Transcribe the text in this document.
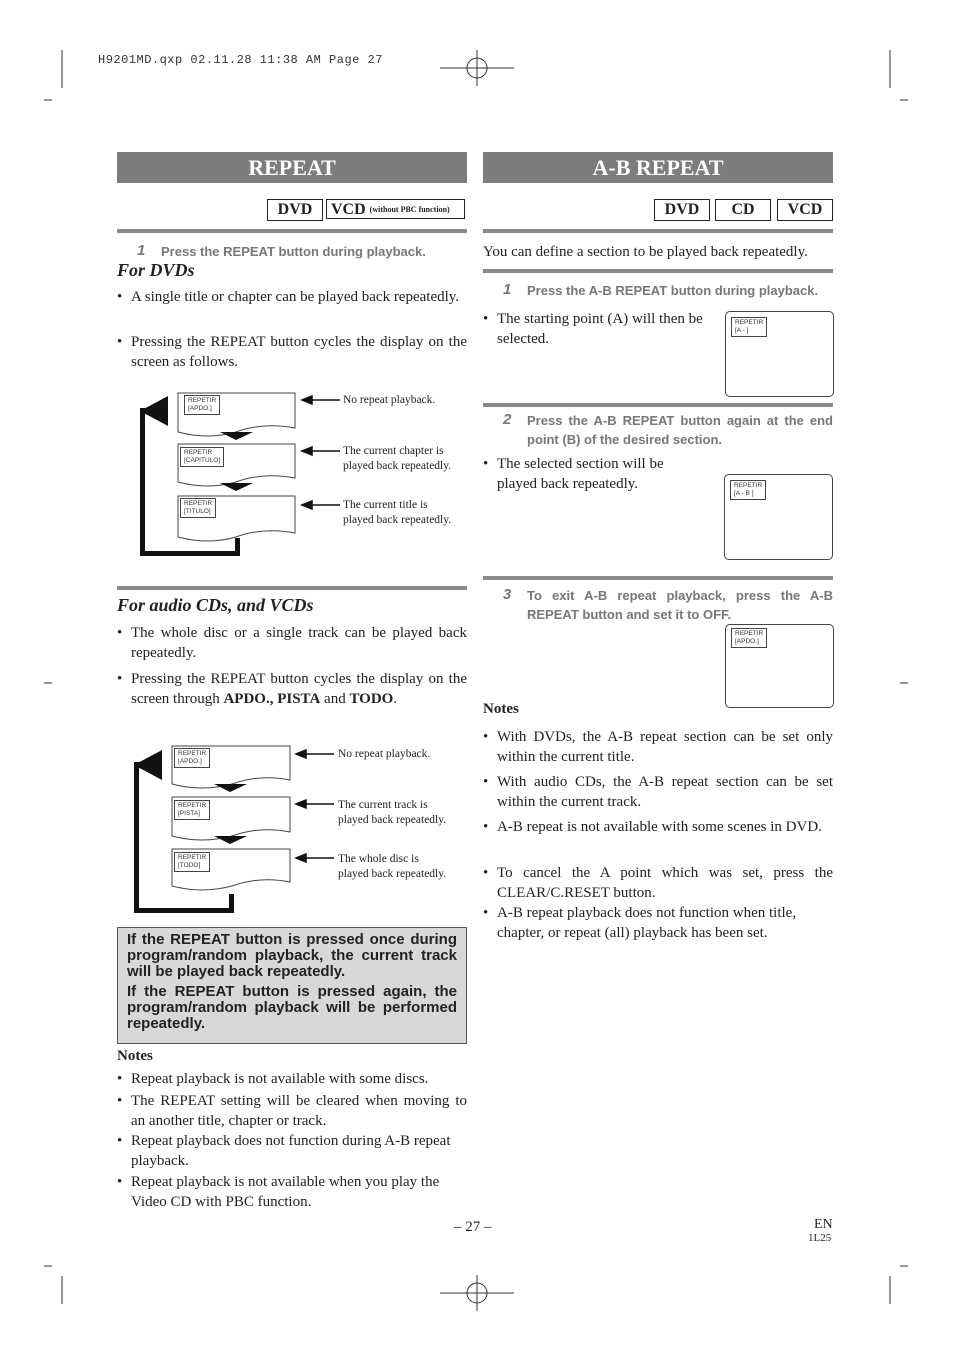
H9201MD.qxp 02.11.28 11:38 AM Page 27
REPEAT
DVD	VCD (without PBC function)
1 Press the REPEAT button during playback.
For DVDs
• A single title or chapter can be played back repeatedly.
• Pressing the REPEAT button cycles the display on the screen as follows.
REPETIR
[APDO.]
REPETIR
[CAPITULO]
REPETIR
[TITULO]
No repeat playback.
The current chapter is
played back repeatedly.
The current title is
played back repeatedly.
For audio CDs, and VCDs
• The whole disc or a single track can be played back repeatedly.
• Pressing the REPEAT button cycles the display on the screen through APDO., PISTA and TODO.
REPETIR
[APDO.]
REPETIR
[PISTA]
REPETIR
[TODO]
No repeat playback.
The current track is
played back repeatedly.
The whole disc is
played back repeatedly.
If the REPEAT button is pressed once during program/random playback, the current track will be played back repeatedly.
If the REPEAT button is pressed again, the program/random playback will be performed repeatedly.
Notes
• Repeat playback is not available with some discs.
• The REPEAT setting will be cleared when moving to an another title, chapter or track.
• Repeat playback does not function during A-B repeat playback.
• Repeat playback is not available when you play the Video CD with PBC function.
A-B REPEAT
DVD	CD	VCD
You can define a section to be played back repeatedly.
1 Press the A-B REPEAT button during playback.
• The starting point (A) will then be selected.
REPETIR
[A - ]
2 Press the A-B REPEAT button again at the end point (B) of the desired section.
• The selected section will be played back repeatedly.	REPETIR
[A - B ]
3 To exit A-B repeat playback, press the A-B REPEAT button and set it to OFF.
REPETIR
[APDO.]
Notes
• With DVDs, the A-B repeat section can be set only within the current title.
• With audio CDs, the A-B repeat section can be set within the current track.
• A-B repeat is not available with some scenes in DVD.
• To cancel the A point which was set, press the CLEAR/C.RESET button.
• A-B repeat playback does not function when title, chapter, or repeat (all) playback has been set.
– 27 –	EN
1L25
